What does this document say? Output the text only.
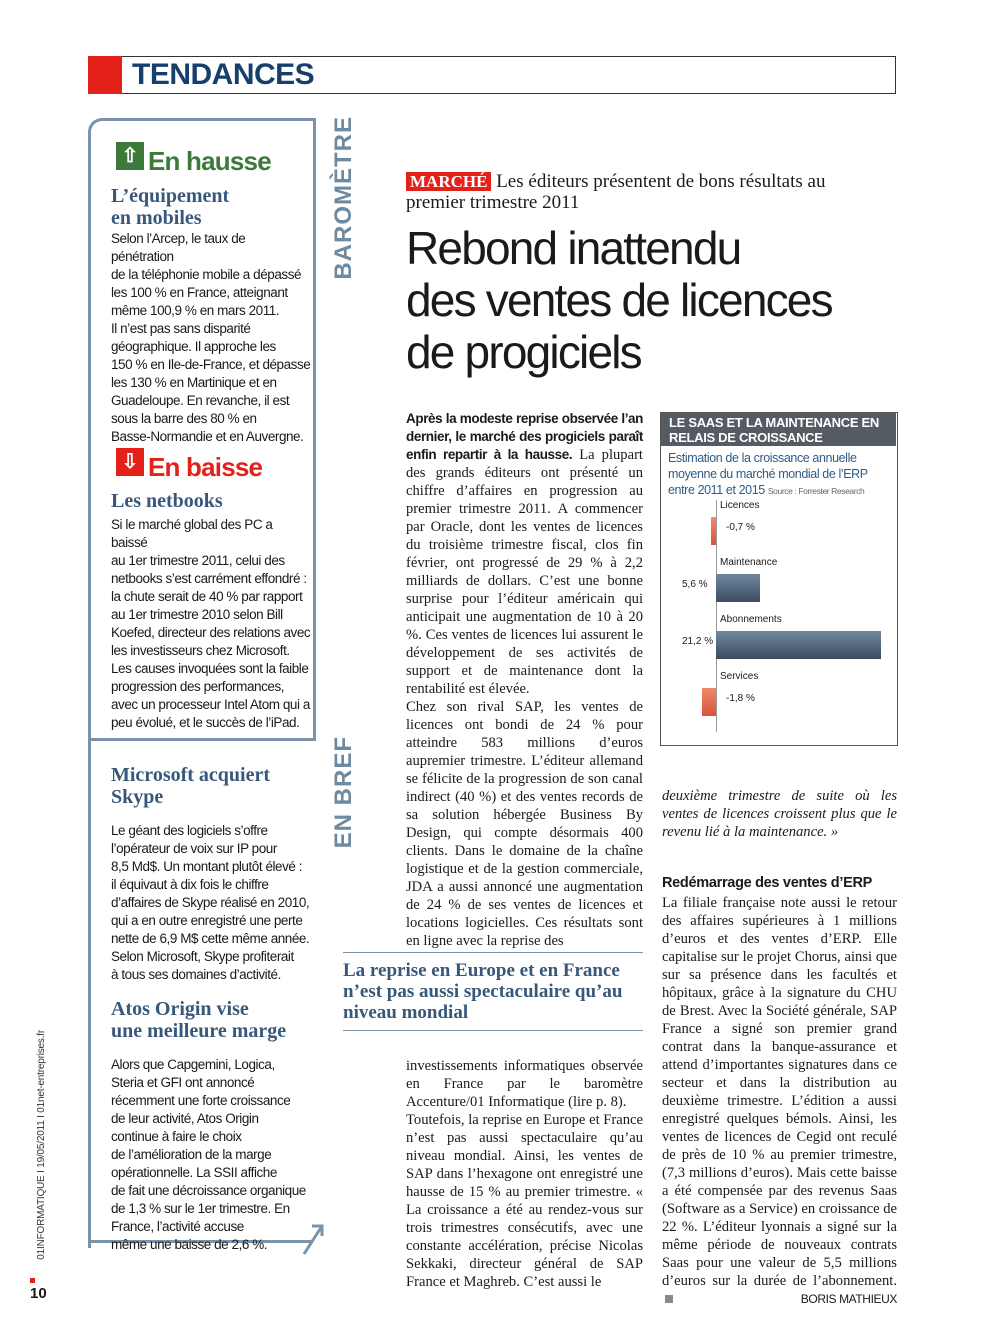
TENDANCES
BAROMÈTRE
EN BREF
⇧ En hausse
L’équipement
en mobiles

Selon l’Arcep, le taux de pénétration

de la téléphonie mobile a dépassé

les 100 % en France, atteignant

même 100,9 % en mars 2011.

Il n’est pas sans disparité

géographique. Il approche les

150 % en Ile-de-France, et dépasse

les 130 % en Martinique et en

Guadeloupe. En revanche, il est

sous la barre des 80 % en

Basse-Normandie et en Auvergne.

⇩ En baisse
Les netbooks

Si le marché global des PC a baissé

au 1er trimestre 2011, celui des

netbooks s’est carrément effondré :

la chute serait de 40 % par rapport

au 1er trimestre 2010 selon Bill

Koefed, directeur des relations avec

les investisseurs chez Microsoft.

Les causes invoquées sont la faible

progression des performances,

avec un processeur Intel Atom qui a

peu évolué, et le succès de l’iPad.

Microsoft acquiert
Skype

Le géant des logiciels s’offre

l’opérateur de voix sur IP pour

8,5 Md$. Un montant plutôt élevé :

il équivaut à dix fois le chiffre

d’affaires de Skype réalisé en 2010,

qui a en outre enregistré une perte

nette de 6,9 M$ cette même année.

Selon Microsoft, Skype profiterait

à tous ses domaines d’activité.

Atos Origin vise
une meilleure marge

Alors que Capgemini, Logica,

Steria et GFI ont annoncé

récemment une forte croissance

de leur activité, Atos Origin

continue à faire le choix

de l’amélioration de la marge

opérationnelle. La SSII affiche

de fait une décroissance organique

de 1,3 % sur le 1er trimestre. En

France, l’activité accuse

même une baisse de 2,6 %.

MARCHÉ Les éditeurs présentent de bons résultats au premier trimestre 2011
Rebond inattendu
des ventes de licences
de progiciels

Après la modeste reprise observée l’an dernier, le marché des progiciels paraît enfin repartir à la hausse. La plupart des grands éditeurs ont présenté un chiffre d’affaires en progression au premier trimestre 2011. A commencer par Oracle, dont les ventes de licences du troisième trimestre fiscal, clos fin février, ont progressé de 29 % à 2,2 milliards de dollars. C’est une bonne surprise pour l’éditeur américain qui anticipait une augmentation de 10 à 20 %. Ces ventes de licences lui assurent le développement de ses activités de support et de maintenance dont la rentabilité est élevée.

Chez son rival SAP, les ventes de licences ont bondi de 24 % pour atteindre 583 millions d’euros aupremier trimestre. L’éditeur allemand se félicite de la progression de son canal indirect (40 %) et des ventes records de sa solution hébergée Business By Design, qui compte désormais 400 clients. Dans le domaine de la chaîne logistique et de la gestion commerciale, JDA a aussi annoncé une augmentation de 24 % de ses ventes de licences et locations logicielles. Ces résultats sont en ligne avec la reprise des

La reprise en Europe et en France n’est pas aussi spectaculaire qu’au niveau mondial

investissements informatiques observée en France par le baromètre Accenture/01 Informatique (lire p. 8).

Toutefois, la reprise en Europe et France n’est pas aussi spectaculaire qu’au niveau mondial. Ainsi, les ventes de SAP dans l’hexagone ont enregistré une hausse de 15 % au premier trimestre. « La croissance a été au rendez-vous sur trois trimestres consécutifs, avec une constante accélération, précise Nicolas Sekkaki, directeur général de SAP France et Maghreb. C’est aussi le

LE SAAS ET LA MAINTENANCE EN RELAIS DE CROISSANCE
Estimation de la croissance annuelle moyenne du marché mondial de l’ERP entre 2011 et 2015 Source : Forrester Research
Licences
-0,7 %
Maintenance
5,6 %
Abonnements
21,2 %
Services
-1,8 %
deuxième trimestre de suite où les ventes de licences croissent plus que le revenu lié à la maintenance. »
Redémarrage des ventes d’ERP

La filiale française note aussi le retour des affaires supérieures à 1 millions d’euros et des ventes d’ERP. Elle capitalise sur le projet Chorus, ainsi que sur sa présence dans les facultés et hôpitaux, grâce à la signature du CHU de Brest. Avec la Société générale, SAP France a signé son premier grand contrat dans la banque-assurance et attend d’importantes signatures dans ce secteur et dans la distribution au deuxième trimestre. L’édition a aussi enregistré quelques bémols. Ainsi, les ventes de licences de Cegid ont reculé de près de 10 % au premier trimestre, (7,3 millions d’euros). Mais cette baisse a été compensée par des revenus Saas (Software as a Service) en croissance de 22 %. L’éditeur lyonnais a signé sur la même période de nouveaux contrats Saas pour une valeur de 5,5 millions d’euros sur la durée de l’abonnement.
BORIS MATHIEUX

01INFORMATIQUE I 19/05/2011 I 01net-entreprises.fr
10
